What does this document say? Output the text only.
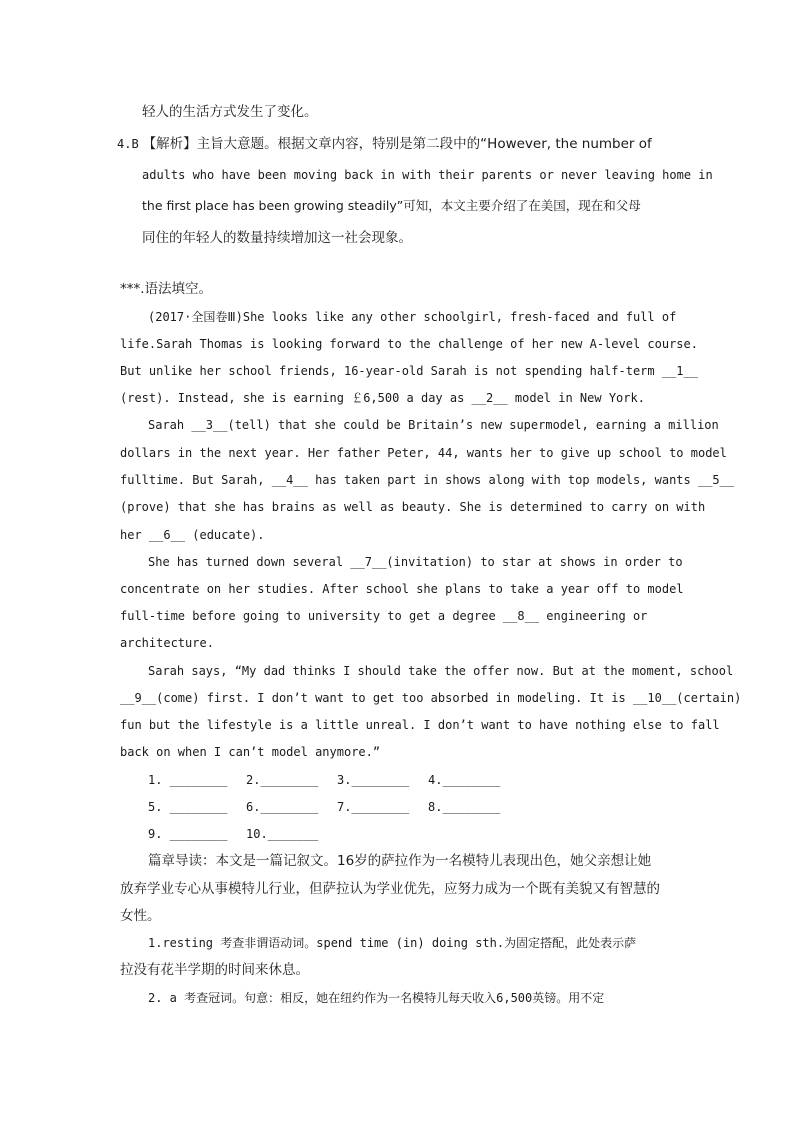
轻人的生活方式发生了变化。
4.B 【解析】主旨大意题。根据文章内容，特别是第二段中的“However, the number of
adults who have been moving back in with their parents or never leaving home in
the first place has been growing steadily”可知，本文主要介绍了在美国，现在和父母
同住的年轻人的数量持续增加这一社会现象。
***.语法填空。
(2017·全国卷Ⅲ)She looks like any other schoolgirl, fresh-faced and full of
life.Sarah Thomas is looking forward to the challenge of her new A-level course.
But unlike her school friends, 16-year-old Sarah is not spending half-term __1__
(rest). Instead, she is earning ￡6,500 a day as __2__ model in New York.
Sarah __3__(tell) that she could be Britain’s new supermodel, earning a million
dollars in the next year. Her father Peter, 44, wants her to give up school to model
fulltime. But Sarah, __4__ has taken part in shows along with top models, wants __5__
(prove) that she has brains as well as beauty. She is determined to carry on with
her __6__ (educate).
She has turned down several __7__(invitation) to star at shows in order to
concentrate on her studies. After school she plans to take a year off to model
full-time before going to university to get a degree __8__ engineering or
architecture.
Sarah says, “My dad thinks I should take the offer now. But at the moment, school
__9__(come) first. I don’t want to get too absorbed in modeling. It is __10__(certain)
fun but the lifestyle is a little unreal. I don’t want to have nothing else to fall
back on when I can’t model anymore.”
1. ________ 2.________ 3.________ 4.________
5. ________ 6.________ 7.________ 8.________
9. ________ 10._______
篇章导读：本文是一篇记叙文。16岁的萨拉作为一名模特儿表现出色，她父亲想让她
放弃学业专心从事模特儿行业，但萨拉认为学业优先，应努力成为一个既有美貌又有智慧的
女性。
1.resting 考查非谓语动词。spend time (in) doing sth.为固定搭配，此处表示萨
拉没有花半学期的时间来休息。
2. a 考查冠词。句意：相反，她在纽约作为一名模特儿每天收入6,500英镑。用不定
